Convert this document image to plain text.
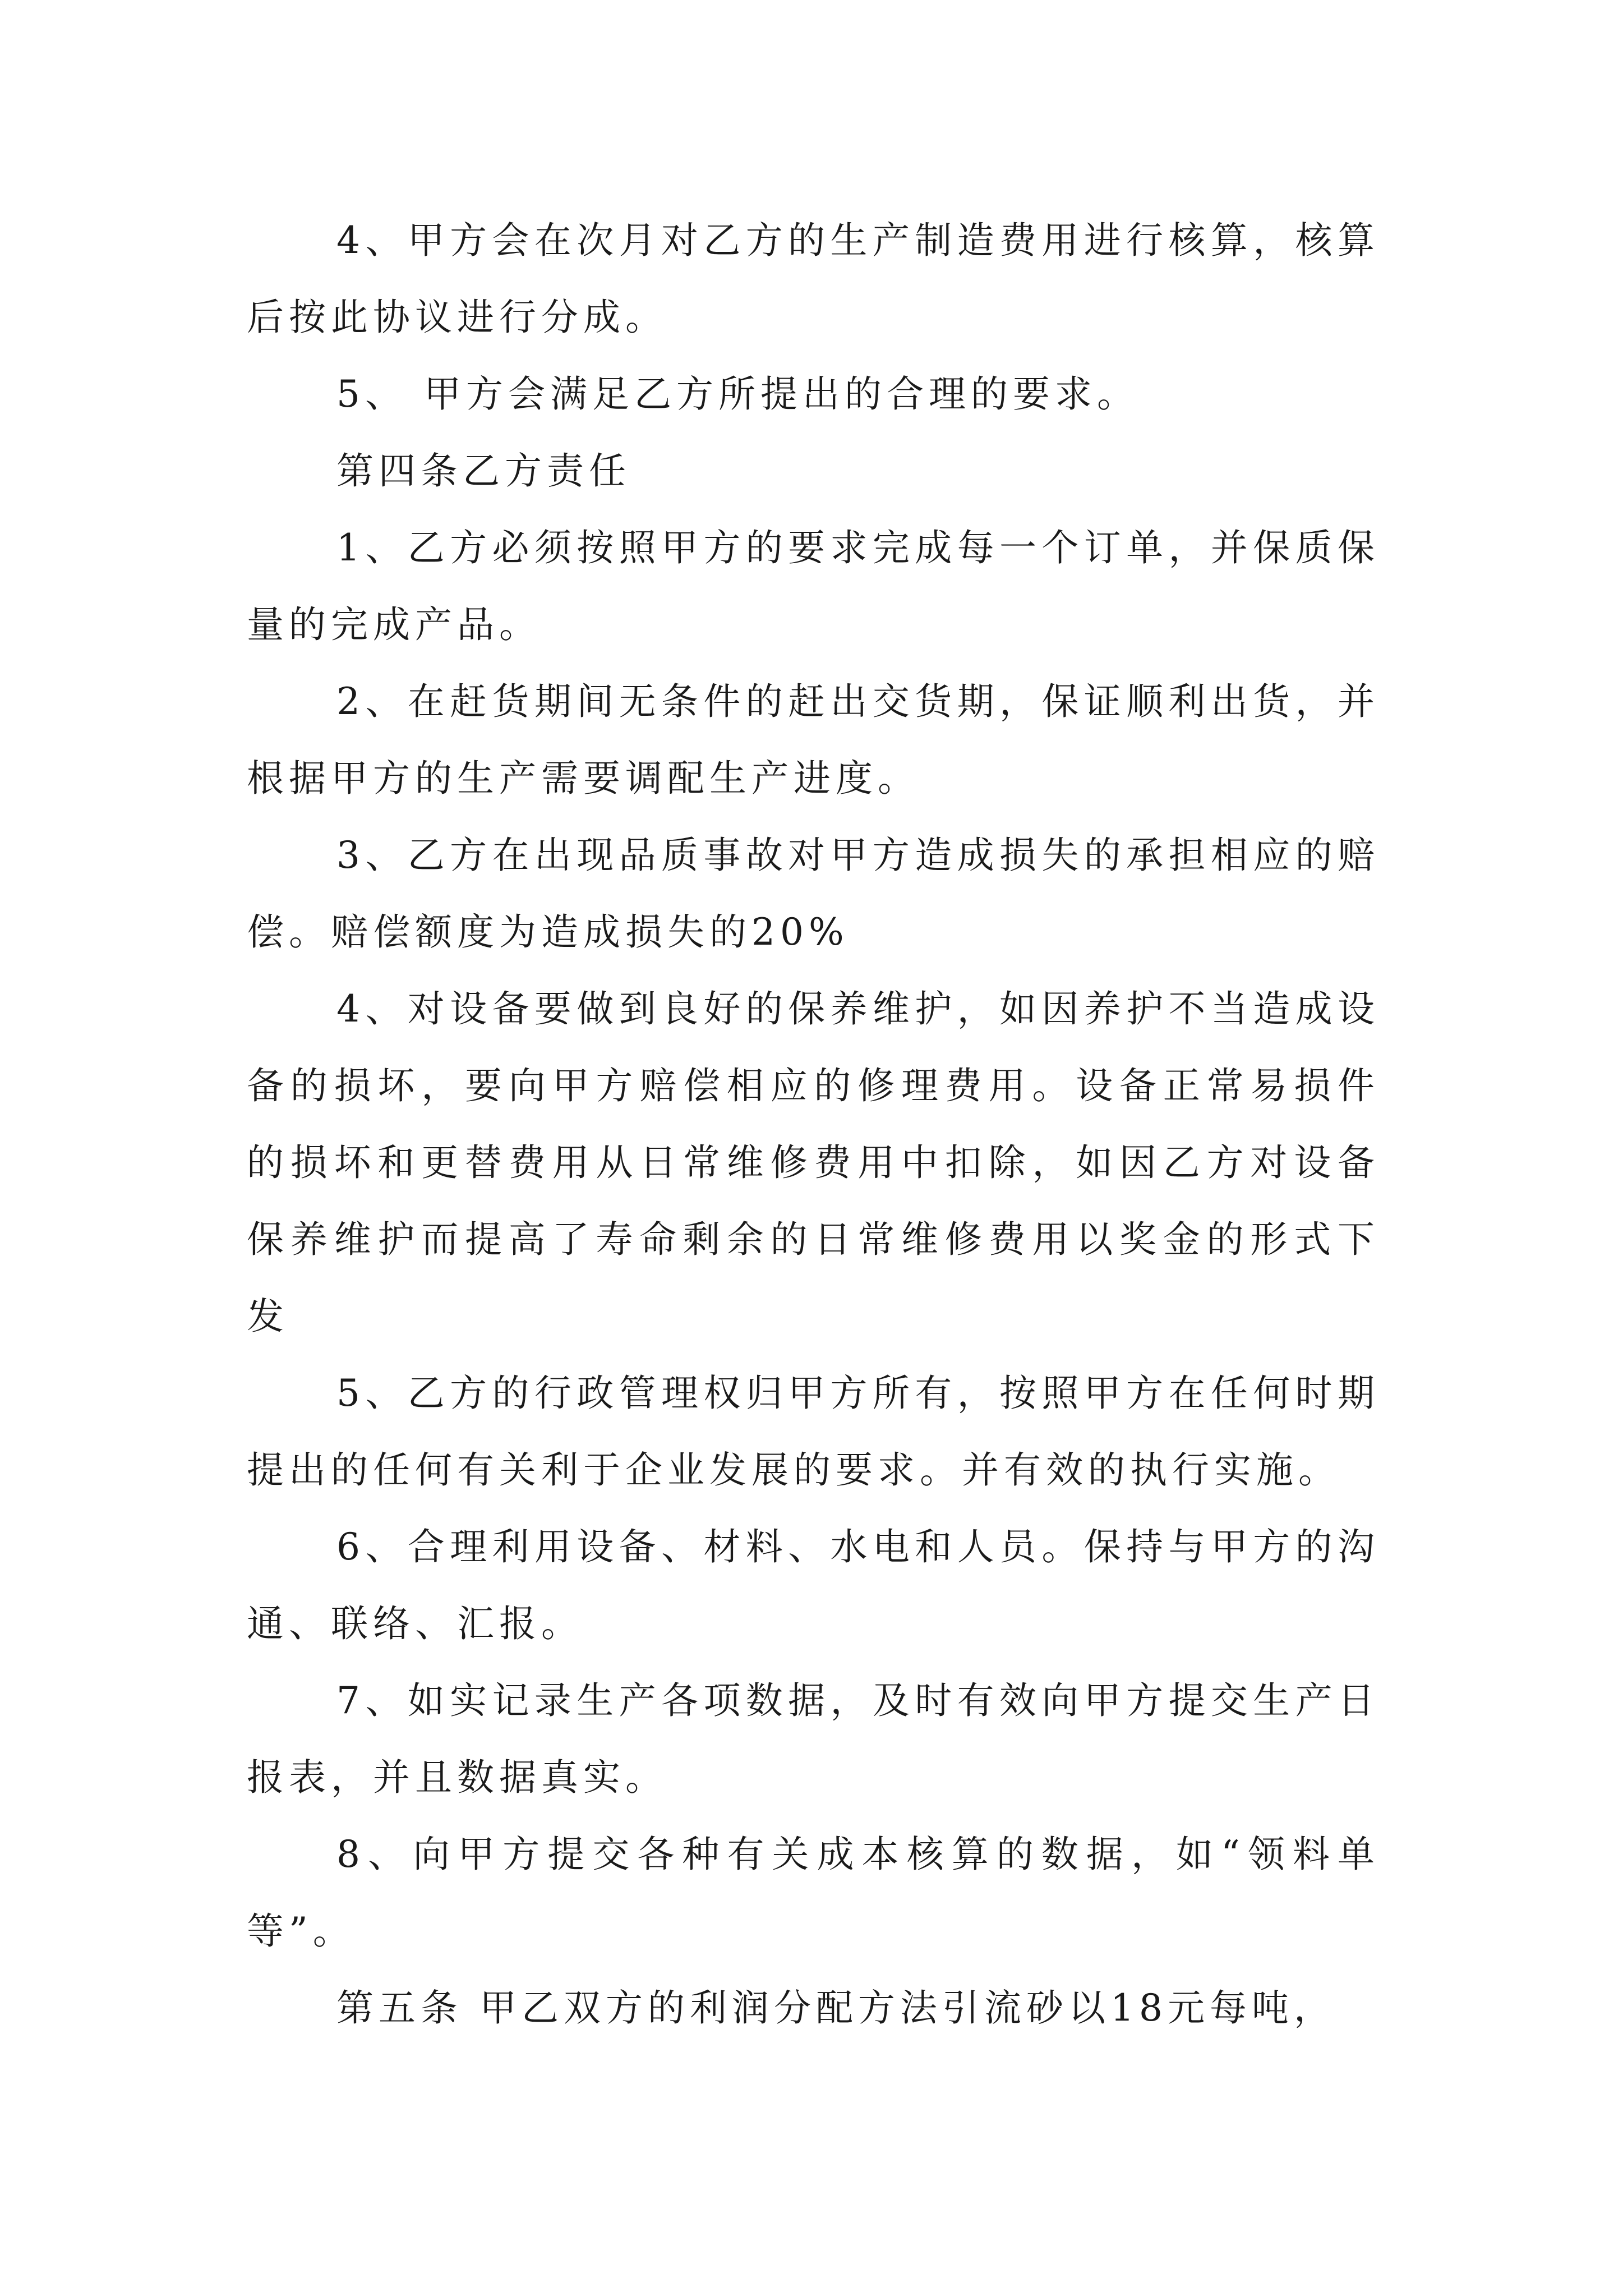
4、甲方会在次月对乙方的生产制造费用进行核算，核算后按此协议进行分成。

5、 甲方会满足乙方所提出的合理的要求。

第四条乙方责任

1、乙方必须按照甲方的要求完成每一个订单，并保质保量的完成产品。

2、在赶货期间无条件的赶出交货期，保证顺利出货，并根据甲方的生产需要调配生产进度。

3、乙方在出现品质事故对甲方造成损失的承担相应的赔偿。赔偿额度为造成损失的20%

4、对设备要做到良好的保养维护，如因养护不当造成设备的损坏，要向甲方赔偿相应的修理费用。设备正常易损件的损坏和更替费用从日常维修费用中扣除，如因乙方对设备保养维护而提高了寿命剩余的日常维修费用以奖金的形式下发

5、乙方的行政管理权归甲方所有，按照甲方在任何时期提出的任何有关利于企业发展的要求。并有效的执行实施。

6、合理利用设备、材料、水电和人员。保持与甲方的沟通、联络、汇报。

7、如实记录生产各项数据，及时有效向甲方提交生产日报表，并且数据真实。

8、向甲方提交各种有关成本核算的数据，如“领料单等”。

第五条 甲乙双方的利润分配方法引流砂以18元每吨，
